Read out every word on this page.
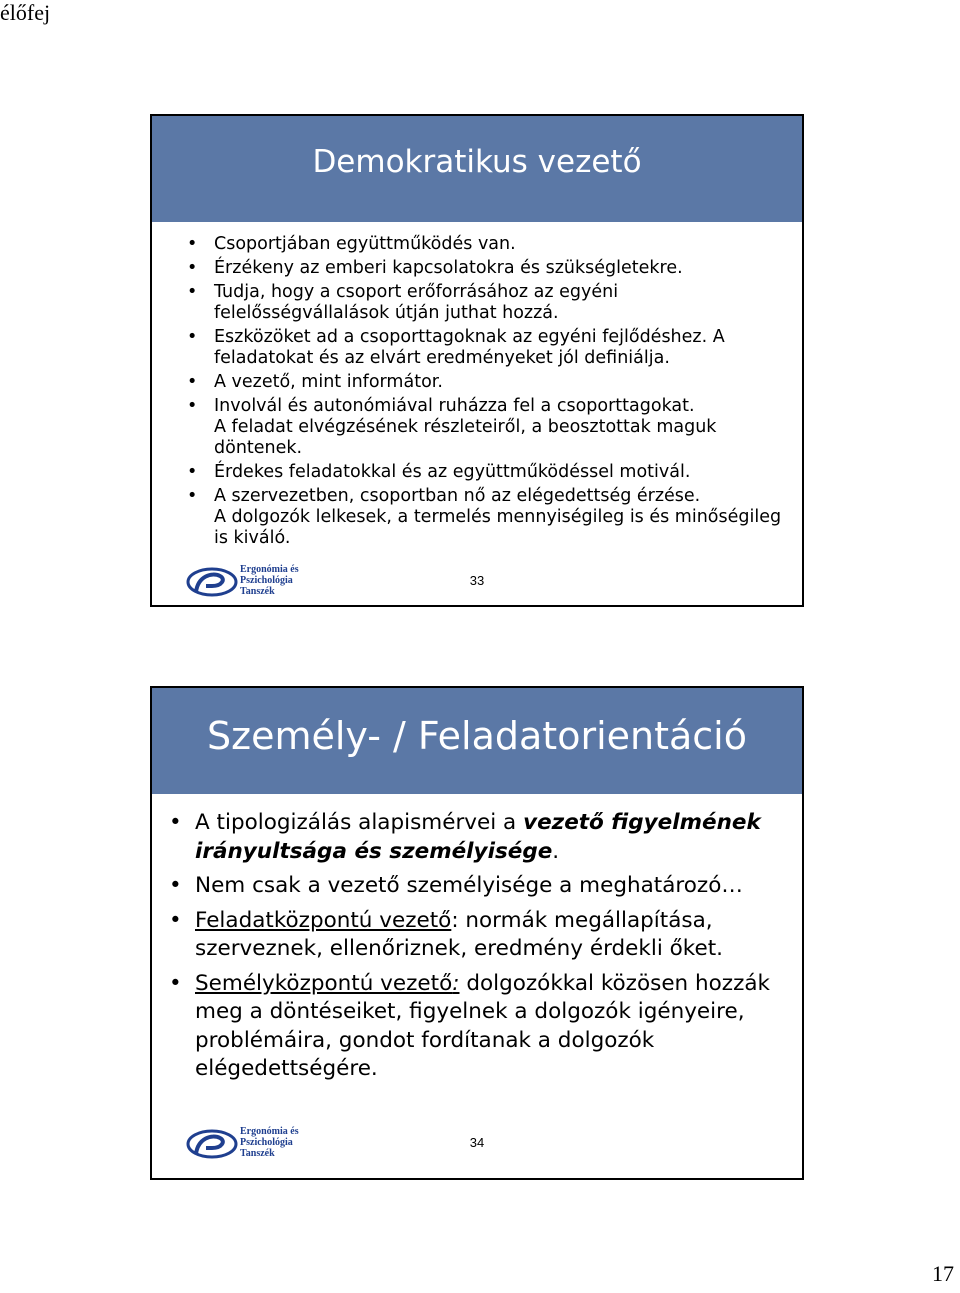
élőfej
Demokratikus vezető
• Csoportjában együttműködés van.
• Érzékeny az emberi kapcsolatokra és szükségletekre.
• Tudja, hogy a csoport erőforrásához az egyéni felelősségvállalások útján juthat hozzá.
• Eszközöket ad a csoporttagoknak az egyéni fejlődéshez. A feladatokat és az elvárt eredményeket jól definiálja.
• A vezető, mint informátor.
• Involvál és autonómiával ruházza fel a csoporttagokat.
A feladat elvégzésének részleteiről, a beosztottak maguk döntenek.
• Érdekes feladatokkal és az együttműködéssel motivál.
• A szervezetben, csoportban nő az elégedettség érzése.
A dolgozók lelkesek, a termelés mennyiségileg is és minőségileg is kiváló.
Ergonómia és
Pszichológia
Tanszék
33
Személy- / Feladatorientáció
• A tipologizálás alapismérvei a vezető figyelmének irányultsága és személyisége.
• Nem csak a vezető személyisége a meghatározó…
• Feladatközpontú vezető: normák megállapítása, szerveznek, ellenőriznek, eredmény érdekli őket.
• Semélyközpontú vezető: dolgozókkal közösen hozzák meg a döntéseiket, figyelnek a dolgozók igényeire, problémáira, gondot fordítanak a dolgozók elégedettségére.
Ergonómia és
Pszichológia
Tanszék
34
17
